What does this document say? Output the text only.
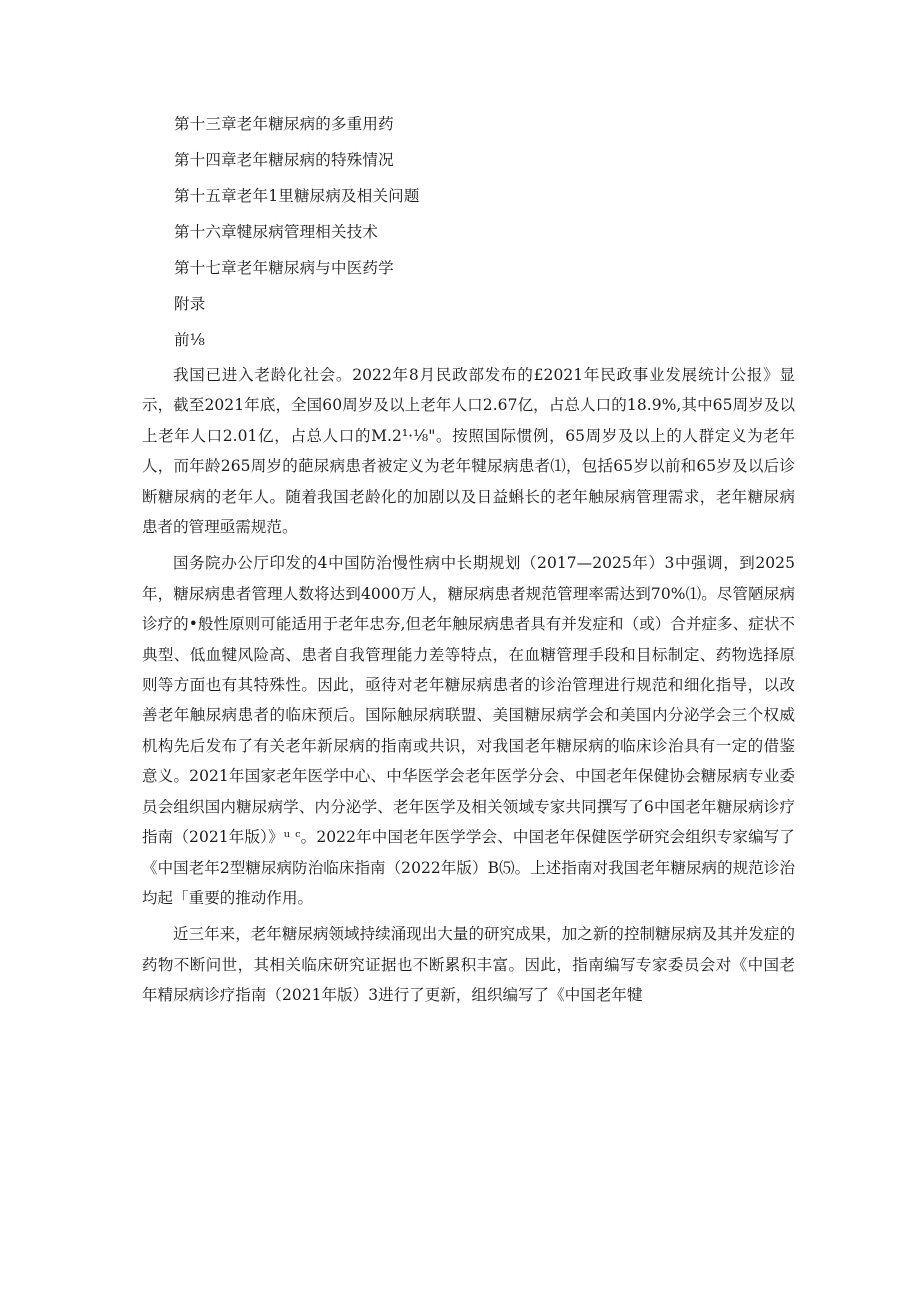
第十三章老年糖尿病的多重用药
第十四章老年糖尿病的特殊情况
第十五章老年1里糖尿病及相关问题
第十六章犍尿病管理相关技术
第十七章老年糖尿病与中医药学
附录
前⅛

我国已进入老龄化社会。2022年8月民政部发布的£2021年民政事业发展统计公报》显示，截至2021年底，全国60周岁及以上老年人口2.67亿，占总人口的18.9%,其中65周岁及以上老年人口2.01亿，占总人口的M.2¹·⅛"。按照国际惯例，65周岁及以上的人群定义为老年人，而年龄265周岁的葩尿病患者被定义为老年犍尿病患者⑴，包括65岁以前和65岁及以后诊断糖尿病的老年人。随着我国老龄化的加剧以及日益蝌长的老年触尿病管理需求，老年糖尿病患者的管理亟需规范。

国务院办公厅印发的4中国防治慢性病中长期规划（2017—2025年）3中强调，到2025年，糖尿病患者管理人数将达到4000万人，糖尿病患者规范管理率需达到70%⑴。尽管陋尿病诊疗的•般性原则可能适用于老年忠夯,但老年触尿病患者具有并发症和（或）合并症多、症状不典型、低血犍风险高、患者自我管理能力差等特点，在血糖管理手段和目标制定、药物选择原则等方面也有其特殊性。因此，亟待对老年糖尿病患者的诊治管理进行规范和细化指导，以改善老年触尿病患者的临床预后。国际触尿病联盟、美国糖尿病学会和美国内分泌学会三个权威机构先后发布了有关老年新尿病的指南或共识，对我国老年糖尿病的临床诊治具有一定的借鉴意义。2021年国家老年医学中心、中华医学会老年医学分会、中国老年保健协会糖尿病专业委员会组织国内糖尿病学、内分泌学、老年医学及相关领域专家共同撰写了6中国老年糖尿病诊疗指南（2021年版）》ᵘ ᶜ。2022年中国老年医学学会、中国老年保健医学研究会组织专家编写了《中国老年2型糖尿病防治临床指南（2022年版）B⑸。上述指南对我国老年糖尿病的规范诊治均起「重要的推动作用。

近三年来，老年糖尿病领域持续涌现出大量的研究成果，加之新的控制糖尿病及其并发症的药物不断问世，其相关临床研究证据也不断累积丰富。因此，指南编写专家委员会对《中国老年精尿病诊疗指南（2021年版）3进行了更新，组织编写了《中国老年犍
